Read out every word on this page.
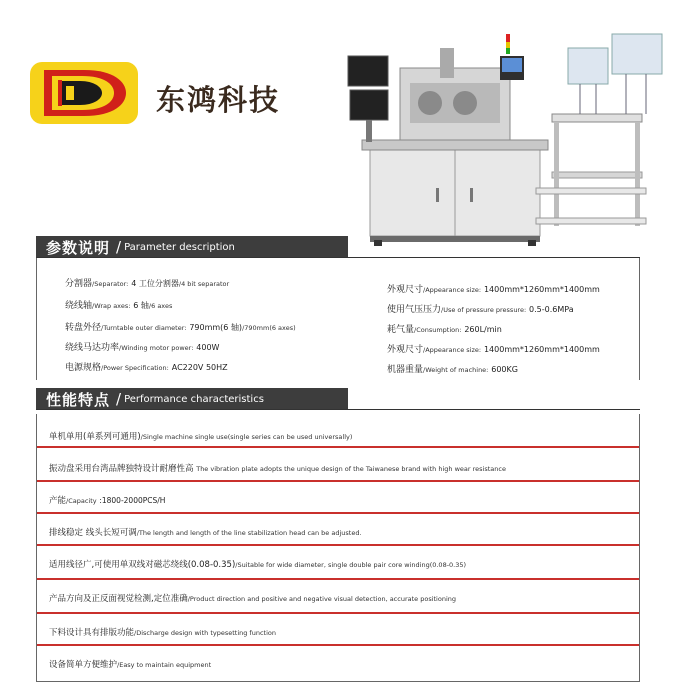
东鸿科技
参数说明 / Parameter description
分割器/Separator: 4 工位分割器/4 bit separator
绕线轴/Wrap axes: 6 轴/6 axes
转盘外径/Turntable outer diameter: 790mm(6 轴)/790mm(6 axes)
绕线马达功率/Winding motor power: 400W
电源规格/Power Specification: AC220V 50HZ
外观尺寸/Appearance size: 1400mm*1260mm*1400mm
使用气压压力/Use of pressure pressure: 0.5-0.6MPa
耗气量/Consumption: 260L/min
外观尺寸/Appearance size: 1400mm*1260mm*1400mm
机器重量/Weight of machine: 600KG
性能特点 / Performance characteristics
单机单用(单系列可通用)/Single machine single use(single series can be used universally)
振动盘采用台湾品牌独特设计耐磨性高 The vibration plate adopts the unique design of the Taiwanese brand with high wear resistance
产能/Capacity :1800-2000PCS/H
排线稳定 线头长短可调/The length and length of the line stabilization head can be adjusted.
适用线径广,可使用单双线对磁芯绕线(0.08-0.35)/Suitable for wide diameter, single double pair core winding(0.08-0.35)
产品方向及正反面视觉检测,定位准确/Product direction and positive and negative visual detection, accurate positioning
下料设计具有排版功能/Discharge design with typesetting function
设备简单方便维护/Easy to maintain equipment
